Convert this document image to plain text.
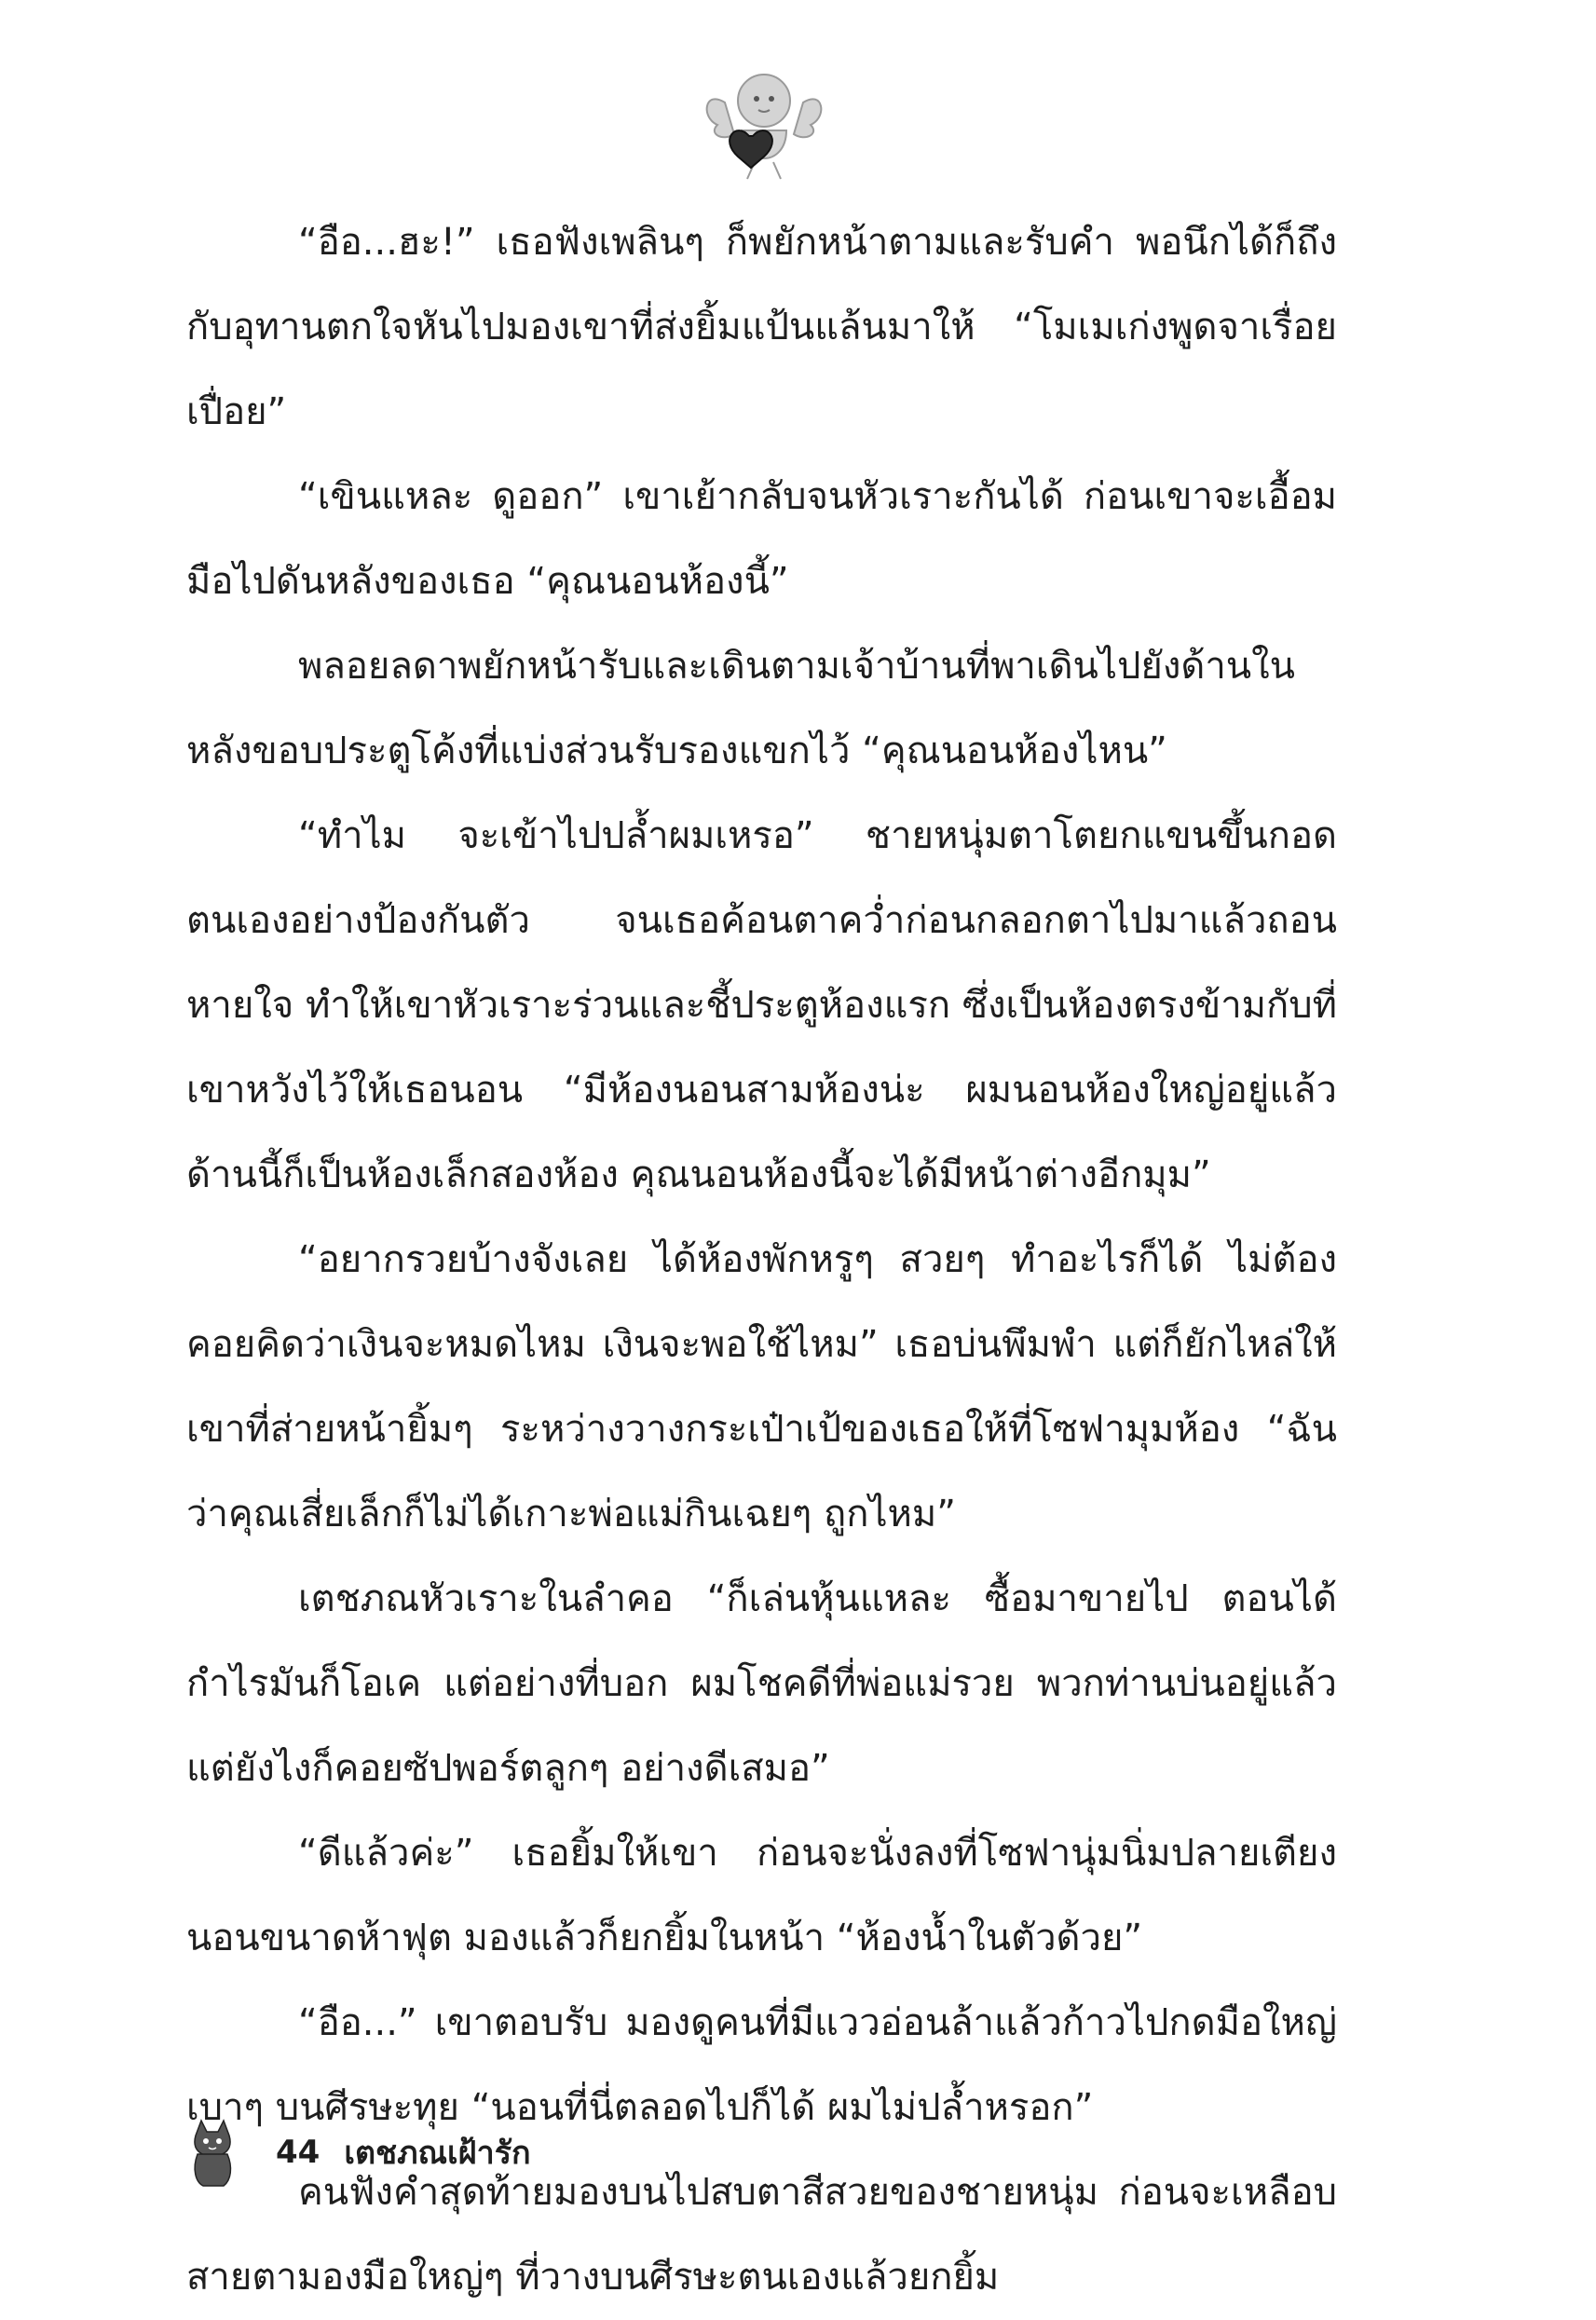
“อือ...ฮะ!” เธอฟังเพลินๆ ก็พยักหน้าตามและรับคำ พอนึกได้ก็ถึงกับอุทานตกใจหันไปมองเขาที่ส่งยิ้มแป้นแล้นมาให้ “โมเมเก่งพูดจาเรื่อยเปื่อย”

“เขินแหละ ดูออก” เขาเย้ากลับจนหัวเราะกันได้ ก่อนเขาจะเอื้อมมือไปดันหลังของเธอ “คุณนอนห้องนี้”

พลอยลดาพยักหน้ารับและเดินตามเจ้าบ้านที่พาเดินไปยังด้านในหลังขอบประตูโค้งที่แบ่งส่วนรับรองแขกไว้ “คุณนอนห้องไหน”

“ทำไม จะเข้าไปปล้ำผมเหรอ” ชายหนุ่มตาโตยกแขนขึ้นกอดตนเองอย่างป้องกันตัว จนเธอค้อนตาคว่ำก่อนกลอกตาไปมาแล้วถอนหายใจ ทำให้เขาหัวเราะร่วนและชี้ประตูห้องแรก ซึ่งเป็นห้องตรงข้ามกับที่เขาหวังไว้ให้เธอนอน “มีห้องนอนสามห้องน่ะ ผมนอนห้องใหญ่อยู่แล้ว ด้านนี้ก็เป็นห้องเล็กสองห้อง คุณนอนห้องนี้จะได้มีหน้าต่างอีกมุม”

“อยากรวยบ้างจังเลย ได้ห้องพักหรูๆ สวยๆ ทำอะไรก็ได้ ไม่ต้องคอยคิดว่าเงินจะหมดไหม เงินจะพอใช้ไหม” เธอบ่นพึมพำ แต่ก็ยักไหล่ให้เขาที่ส่ายหน้ายิ้มๆ ระหว่างวางกระเป๋าเป้ของเธอให้ที่โซฟามุมห้อง “ฉันว่าคุณเสี่ยเล็กก็ไม่ได้เกาะพ่อแม่กินเฉยๆ ถูกไหม”

เตชภณหัวเราะในลำคอ “ก็เล่นหุ้นแหละ ซื้อมาขายไป ตอนได้กำไรมันก็โอเค แต่อย่างที่บอก ผมโชคดีที่พ่อแม่รวย พวกท่านบ่นอยู่แล้ว แต่ยังไงก็คอยซัปพอร์ตลูกๆ อย่างดีเสมอ”

“ดีแล้วค่ะ” เธอยิ้มให้เขา ก่อนจะนั่งลงที่โซฟานุ่มนิ่มปลายเตียงนอนขนาดห้าฟุต มองแล้วก็ยกยิ้มในหน้า “ห้องน้ำในตัวด้วย”

“อือ...” เขาตอบรับ มองดูคนที่มีแววอ่อนล้าแล้วก้าวไปกดมือใหญ่เบาๆ บนศีรษะทุย “นอนที่นี่ตลอดไปก็ได้ ผมไม่ปล้ำหรอก”

คนฟังคำสุดท้ายมองบนไปสบตาสีสวยของชายหนุ่ม ก่อนจะเหลือบสายตามองมือใหญ่ๆ ที่วางบนศีรษะตนเองแล้วยกยิ้ม

44 เตชภณเฝ้ารัก
